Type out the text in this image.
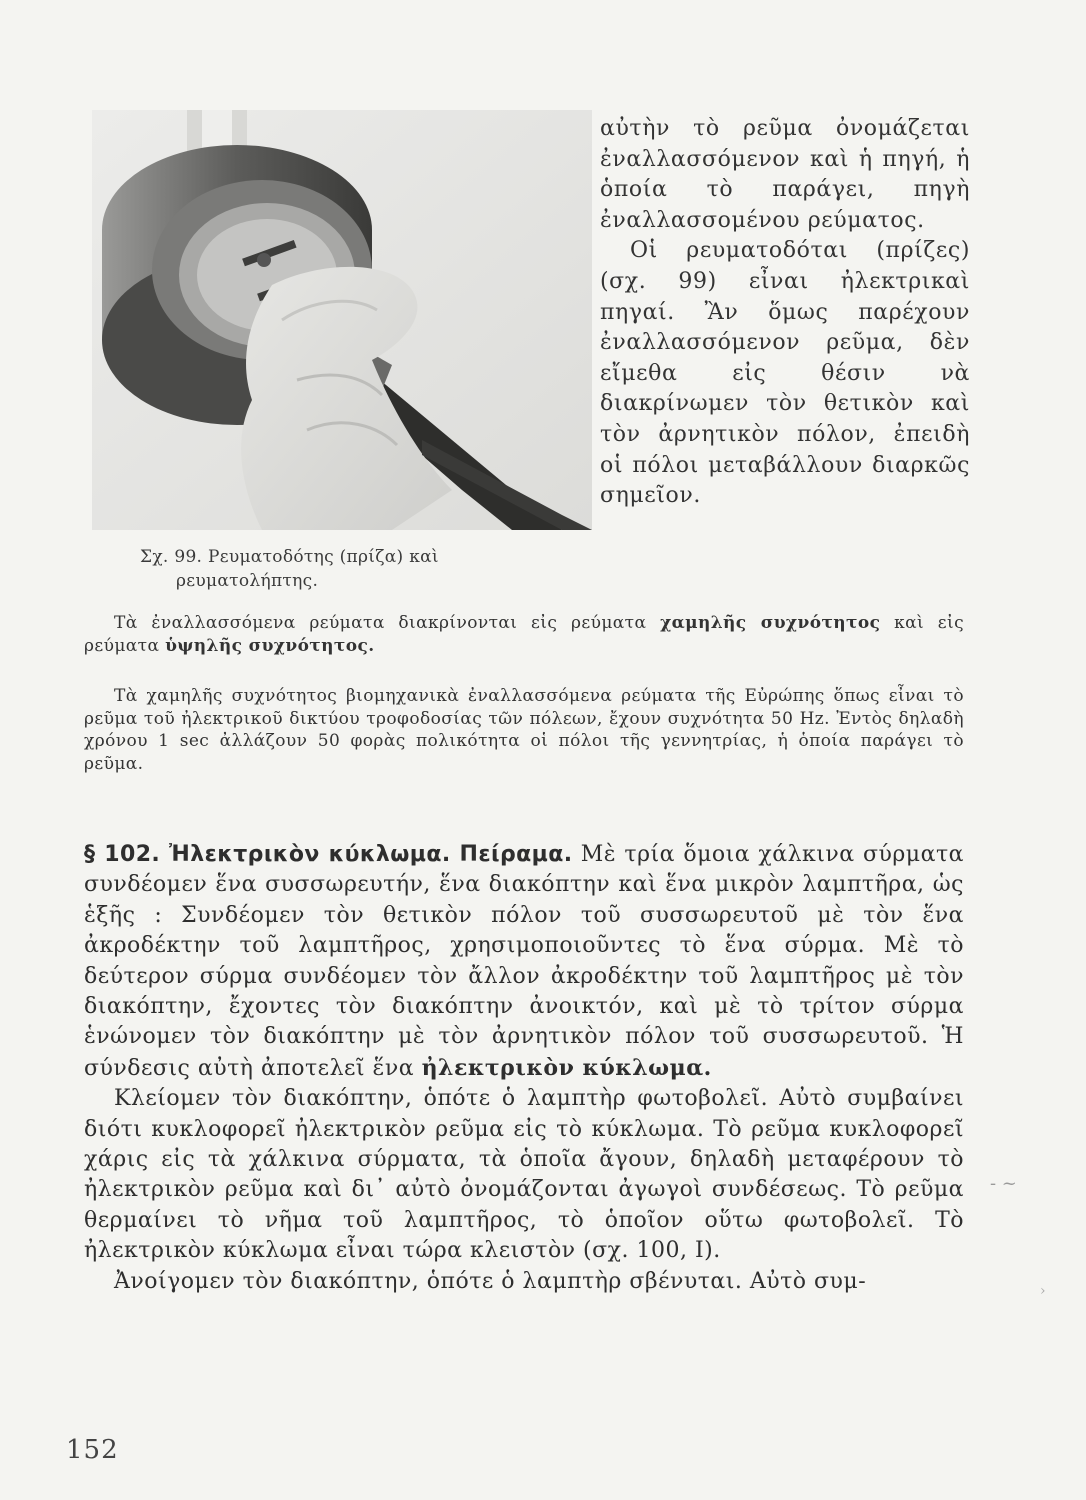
Σχ. 99. Ρευματοδότης (πρίζα) καὶ
ρευματολήπτης.

αὐτὴν τὸ ρεῦμα ὀνομάζεται ἐναλλασσόμενον καὶ ἡ πηγή, ἡ ὁποία τὸ παράγει, πηγὴ ἐναλλασσομένου ρεύματος.

Οἱ ρευματοδόται (πρίζες) (σχ. 99) εἶναι ἠλεκτρικαὶ πηγαί. Ἂν ὅμως παρέχουν ἐναλλασσόμενον ρεῦμα, δὲν εἴμεθα εἰς θέσιν νὰ διακρίνωμεν τὸν θετικὸν καὶ τὸν ἀρνητικὸν πόλον, ἐπειδὴ οἱ πόλοι μεταβάλλουν διαρκῶς σημεῖον.

Τὰ ἐναλλασσόμενα ρεύματα διακρίνονται εἰς ρεύματα χαμηλῆς συχνότητος καὶ εἰς ρεύματα ὑψηλῆς συχνότητος.

Τὰ χαμηλῆς συχνότητος βιομηχανικὰ ἐναλλασσόμενα ρεύματα τῆς Εὐρώπης ὅπως εἶναι τὸ ρεῦμα τοῦ ἠλεκτρικοῦ δικτύου τροφοδοσίας τῶν πόλεων, ἔχουν συχνότητα 50 Hz. Ἐντὸς δηλαδὴ χρόνου 1 sec ἀλλάζουν 50 φορὰς πολικότητα οἱ πόλοι τῆς γεννητρίας, ἡ ὁποία παράγει τὸ ρεῦμα.

§ 102. Ἠλεκτρικὸν κύκλωμα. Πείραμα. Μὲ τρία ὅμοια χάλκινα σύρματα συνδέομεν ἕνα συσσωρευτήν, ἕνα διακόπτην καὶ ἕνα μικρὸν λαμπτῆρα, ὡς ἑξῆς : Συνδέομεν τὸν θετικὸν πόλον τοῦ συσσωρευτοῦ μὲ τὸν ἕνα ἀκροδέκτην τοῦ λαμπτῆρος, χρησιμοποιοῦντες τὸ ἕνα σύρμα. Μὲ τὸ δεύτερον σύρμα συνδέομεν τὸν ἄλλον ἀκροδέκτην τοῦ λαμπτῆρος μὲ τὸν διακόπτην, ἔχοντες τὸν διακόπτην ἀνοικτόν, καὶ μὲ τὸ τρίτον σύρμα ἑνώνομεν τὸν διακόπτην μὲ τὸν ἀρνητικὸν πόλον τοῦ συσσωρευτοῦ. Ἡ σύνδεσις αὐτὴ ἀποτελεῖ ἕνα ἠλεκτρικὸν κύκλωμα.

Κλείομεν τὸν διακόπτην, ὁπότε ὁ λαμπτὴρ φωτοβολεῖ. Αὐτὸ συμβαίνει διότι κυκλοφορεῖ ἠλεκτρικὸν ρεῦμα εἰς τὸ κύκλωμα. Τὸ ρεῦμα κυκλοφορεῖ χάρις εἰς τὰ χάλκινα σύρματα, τὰ ὁποῖα ἄγουν, δηλαδὴ μεταφέρουν τὸ ἠλεκτρικὸν ρεῦμα καὶ δι᾽ αὐτὸ ὀνομάζονται ἀγωγοὶ συνδέσεως. Τὸ ρεῦμα θερμαίνει τὸ νῆμα τοῦ λαμπτῆρος, τὸ ὁποῖον οὕτω φωτοβολεῖ. Τὸ ἠλεκτρικὸν κύκλωμα εἶναι τώρα κλειστὸν (σχ. 100, I).

Ἀνοίγομεν τὸν διακόπτην, ὁπότε ὁ λαμπτὴρ σβένυται. Αὐτὸ συμ-

- ~
›
152
